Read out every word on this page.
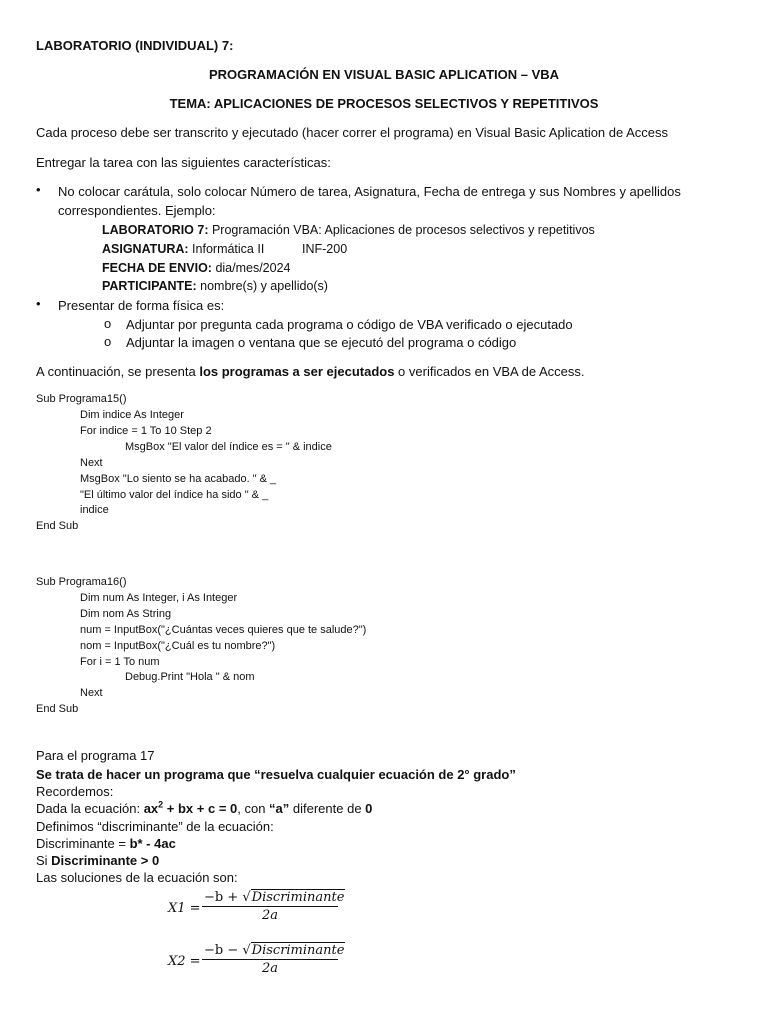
LABORATORIO (INDIVIDUAL) 7:
PROGRAMACIÓN EN VISUAL BASIC APLICATION – VBA
TEMA: APLICACIONES DE PROCESOS SELECTIVOS Y REPETITIVOS
Cada proceso debe ser transcrito y ejecutado (hacer correr el programa) en Visual Basic Aplication de Access
Entregar la tarea con las siguientes características:
• No colocar carátula, solo colocar Número de tarea, Asignatura, Fecha de entrega y sus Nombres y apellidos
correspondientes. Ejemplo:
LABORATORIO 7: Programación VBA: Aplicaciones de procesos selectivos y repetitivos
ASIGNATURA: Informática II	INF-200
FECHA DE ENVIO: dia/mes/2024
PARTICIPANTE: nombre(s) y apellido(s)
• Presentar de forma física es:
o Adjuntar por pregunta cada programa o código de VBA verificado o ejecutado
o Adjuntar la imagen o ventana que se ejecutó del programa o código
A continuación, se presenta los programas a ser ejecutados o verificados en VBA de Access.
Sub Programa15()
Dim indice As Integer
For indice = 1 To 10 Step 2
MsgBox "El valor del índice es = " & indice
Next
MsgBox "Lo siento se ha acabado. " & _
"El último valor del índice ha sido " & _
indice
End Sub
Sub Programa16()
Dim num As Integer, i As Integer
Dim nom As String
num = InputBox("¿Cuántas veces quieres que te salude?")
nom = InputBox("¿Cuál es tu nombre?")
For i = 1 To num
Debug.Print "Hola " & nom
Next
End Sub
Para el programa 17
Se trata de hacer un programa que “resuelva cualquier ecuación de 2° grado”
Recordemos:
Dada la ecuación: $ax^2$ + bx + c = 0, con “a” diferente de 0
Definimos “discriminante” de la ecuación:
Discriminante = b* - 4ac
Si Discriminante > 0
Las soluciones de la ecuación son:
X1 =
−b + √Discriminante
2a
X2 =
−b − √Discriminante
2a
